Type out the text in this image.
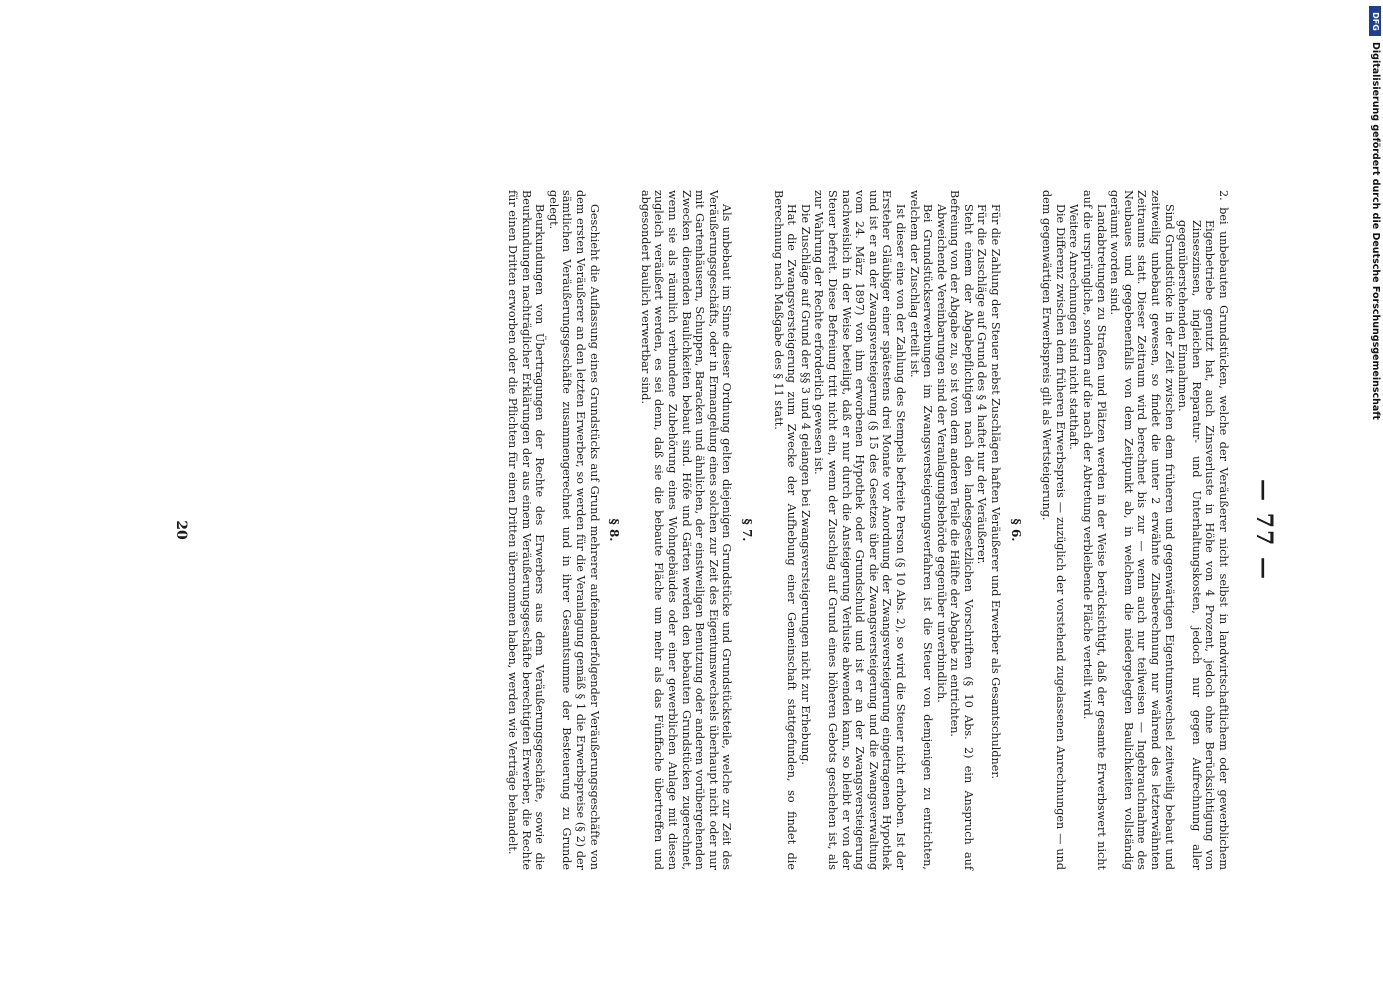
DFG
Digitalisierung gefördert durch die Deutsche Forschungsgemeinschaft
— 77 —

2. bei unbebauten Grundstücken, welche der Veräußerer nicht selbst in landwirtschaftlichem oder gewerblichem Eigenbetriebe genutzt hat, auch Zinsverluste in Höhe von 4 Prozent, jedoch ohne Berücksichtigung von Zinseszinsen, ingleichen Reparatur- und Unterhaltungskosten, jedoch nur gegen Aufrechnung aller gegenüberstehenden Einnahmen.

Sind Grundstücke in der Zeit zwischen dem früheren und gegenwärtigen Eigentumswechsel zeitweilig bebaut und zeitweilig unbebaut gewesen, so findet die unter 2 erwähnte Zinsberechnung nur während des letzterwähnten Zeitraums statt. Dieser Zeitraum wird berechnet bis zur — wenn auch nur teilweisen — Ingebrauchnahme des Neubaues und gegebenenfalls von dem Zeitpunkt ab, in welchem die niedergelegten Baulichkeiten vollständig geräumt worden sind.

Landabtretungen zu Straßen und Plätzen werden in der Weise berücksichtigt, daß der gesamte Erwerbswert nicht auf die ursprüngliche, sondern auf die nach der Abtretung verbleibende Fläche verteilt wird.

Weitere Anrechnungen sind nicht statthaft.

Die Differenz zwischen dem früheren Erwerbspreis — zuzüglich der vorstehend zugelassenen Anrechnungen — und dem gegenwärtigen Erwerbspreis gilt als Wertsteigerung.

§ 6.

Für die Zahlung der Steuer nebst Zuschlägen haften Veräußerer und Erwerber als Gesamtschuldner.

Für die Zuschläge auf Grund des § 4 haftet nur der Veräußerer.

Steht einem der Abgabepflichtigen nach den landesgesetzlichen Vorschriften (§ 10 Abs. 2) ein Anspruch auf Befreiung von der Abgabe zu, so ist von dem anderen Teile die Hälfte der Abgabe zu entrichten.

Abweichende Vereinbarungen sind der Veranlagungsbehörde gegenüber unverbindlich.

Bei Grundstückserwerbungen im Zwangsversteigerungsverfahren ist die Steuer von demjenigen zu entrichten, welchem der Zuschlag erteilt ist.

Ist dieser eine von der Zahlung des Stempels befreite Person (§ 10 Abs. 2), so wird die Steuer nicht erhoben. Ist der Ersteher Gläubiger einer spätestens drei Monate vor Anordnung der Zwangsversteigerung eingetragenen Hypothek und ist er an der Zwangsversteigerung (§ 15 des Gesetzes über die Zwangsversteigerung und die Zwangsverwaltung vom 24. März 1897) von ihm erworbenen Hypothek oder Grundschuld und ist er an der Zwangsversteigerung nachweislich in der Weise beteiligt, daß er nur durch die Ansteigerung Verluste abwenden kann, so bleibt er von der Steuer befreit. Diese Befreiung tritt nicht ein, wenn der Zuschlag auf Grund eines höheren Gebots geschehen ist, als zur Wahrung der Rechte erforderlich gewesen ist.

Die Zuschläge auf Grund der §§ 3 und 4 gelangen bei Zwangsversteigerungen nicht zur Erhebung.

Hat die Zwangsversteigerung zum Zwecke der Aufhebung einer Gemeinschaft stattgefunden, so findet die Berechnung nach Maßgabe des § 11 statt.

§ 7.

Als unbebaut im Sinne dieser Ordnung gelten diejenigen Grundstücke und Grundstücksteile, welche zur Zeit des Veräußerungsgeschäfts, oder in Ermangelung eines solchen zur Zeit des Eigentumswechsels überhaupt nicht oder nur mit Gartenhäusern, Schuppen, Baracken und ähnlichen, der einstweiligen Benutzung oder anderen vorübergehenden Zwecken dienenden Baulichkeiten bebaut sind. Höfe und Gärten werden den bebauten Grundstücken zugerechnet, wenn sie als räumlich verbundene Zubehörung eines Wohngebäudes oder einer gewerblichen Anlage mit diesen zugleich veräußert werden, es sei denn, daß sie die bebaute Fläche um mehr als das Fünffache übertreffen und abgesondert baulich verwertbar sind.

§ 8.

Geschieht die Auflassung eines Grundstücks auf Grund mehrerer aufeinanderfolgender Veräußerungsgeschäfte von dem ersten Veräußerer an den letzten Erwerber, so werden für die Veranlagung gemäß § 1 die Erwerbspreise (§ 2) der sämtlichen Veräußerungsgeschäfte zusammengerechnet und in ihrer Gesamtsumme der Besteuerung zu Grunde gelegt.

Beurkundungen von Übertragungen der Rechte des Erwerbers aus dem Veräußerungsgeschäfte, sowie die Beurkundungen nachträglicher Erklärungen der aus einem Veräußerungsgeschäfte berechtigten Erwerber, die Rechte für einen Dritten erworben oder die Pflichten für einen Dritten übernommen haben, werden wie Verträge behandelt.

20
